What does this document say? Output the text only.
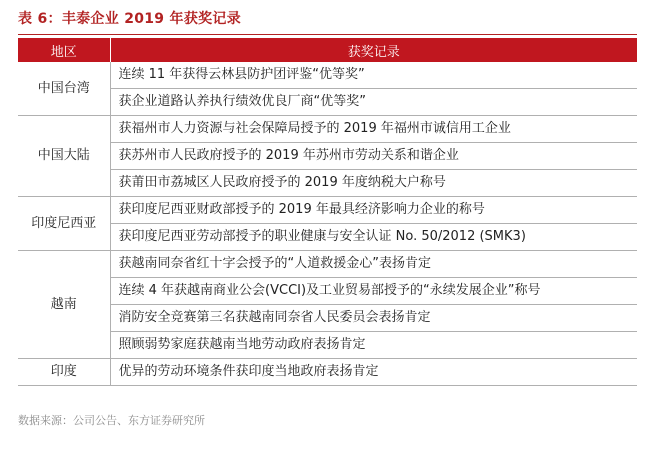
表 6：丰泰企业 2019 年获奖记录
地区	获奖记录
中国台湾	连续 11 年获得云林县防护团评鉴“优等奖”
	获企业道路认养执行绩效优良厂商“优等奖”
中国大陆	获福州市人力资源与社会保障局授予的 2019 年福州市诚信用工企业
	获苏州市人民政府授予的 2019 年苏州市劳动关系和谐企业
	获莆田市荔城区人民政府授予的 2019 年度纳税大户称号
印度尼西亚	获印度尼西亚财政部授予的 2019 年最具经济影响力企业的称号
	获印度尼西亚劳动部授予的职业健康与安全认证 No. 50/2012 (SMK3)
越南	获越南同奈省红十字会授予的“人道救援金心”表扬肯定
	连续 4 年获越南商业公会(VCCI)及工业贸易部授予的“永续发展企业”称号
	消防安全竞赛第三名获越南同奈省人民委员会表扬肯定
	照顾弱势家庭获越南当地劳动政府表扬肯定
印度	优异的劳动环境条件获印度当地政府表扬肯定
数据来源：公司公告、东方证券研究所
